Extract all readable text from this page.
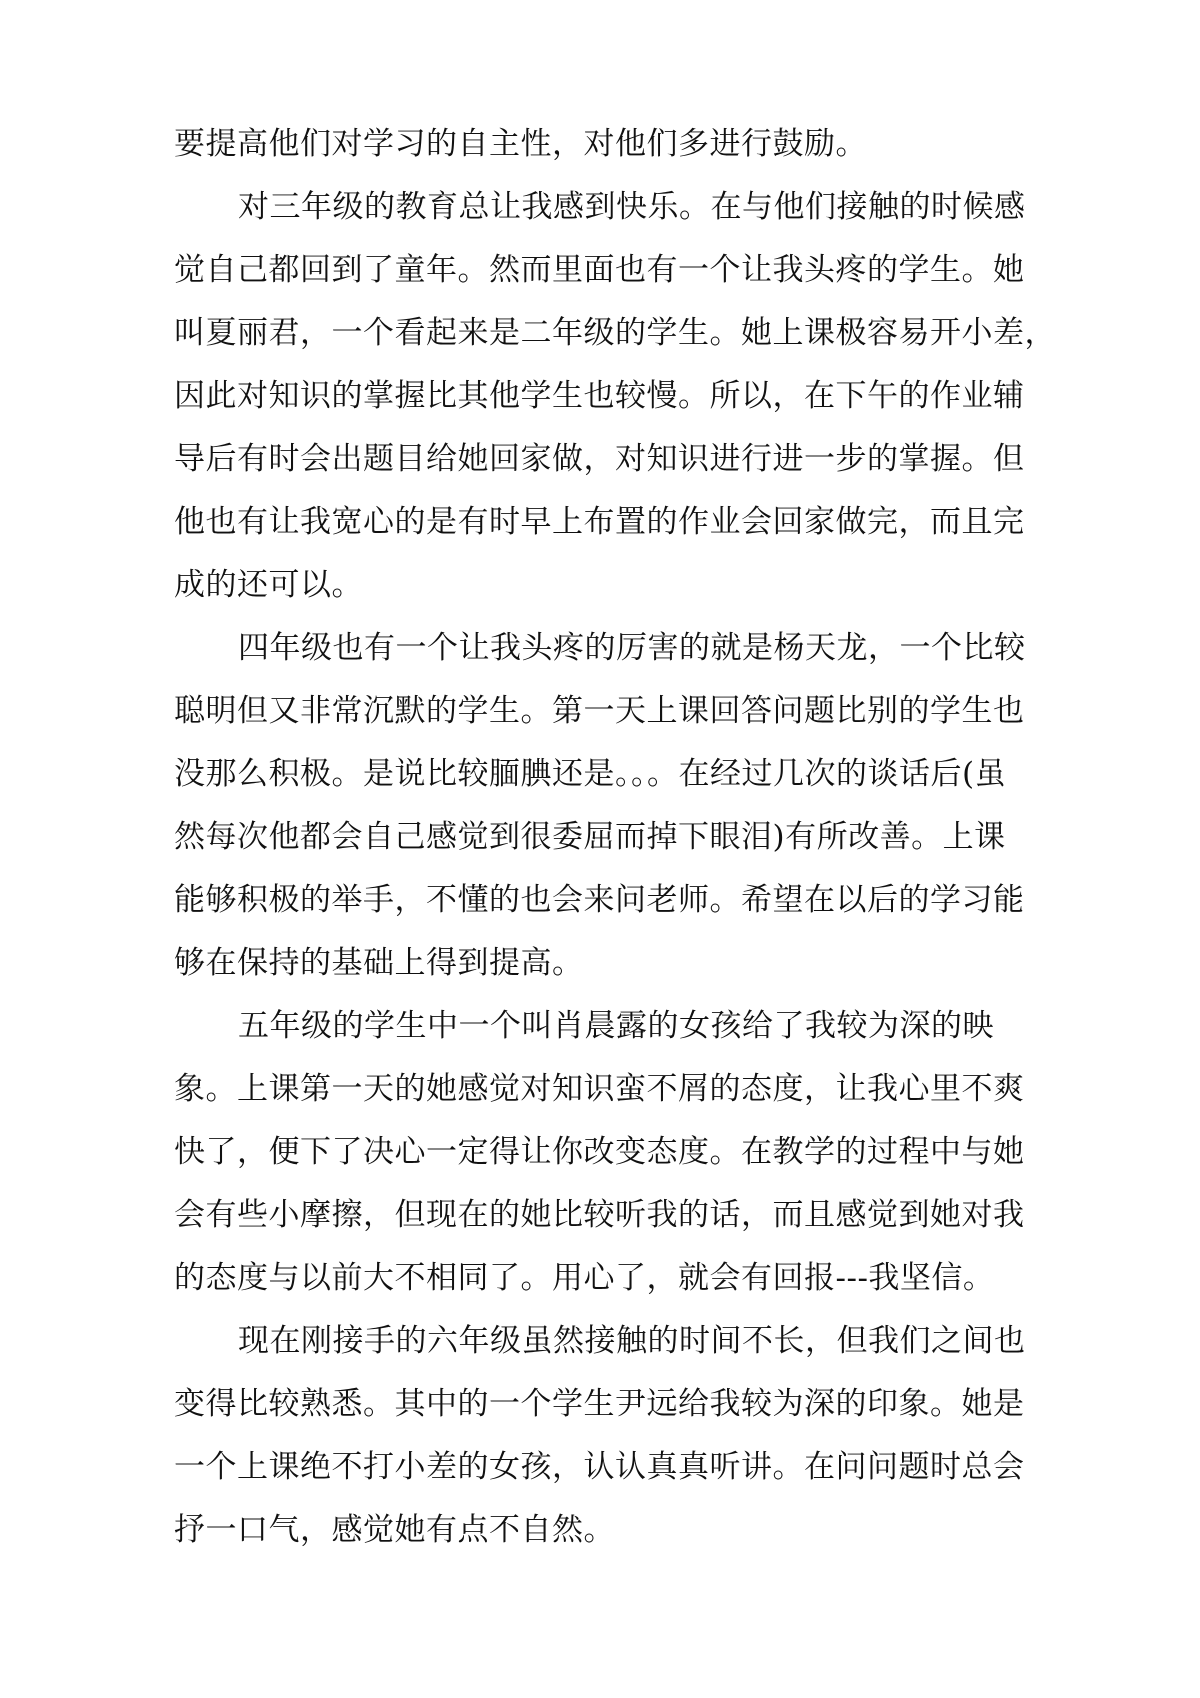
要提高他们对学习的自主性，对他们多进行鼓励。
对三年级的教育总让我感到快乐。在与他们接触的时候感
觉自己都回到了童年。然而里面也有一个让我头疼的学生。她
叫夏丽君，一个看起来是二年级的学生。她上课极容易开小差，
因此对知识的掌握比其他学生也较慢。所以，在下午的作业辅
导后有时会出题目给她回家做，对知识进行进一步的掌握。但
他也有让我宽心的是有时早上布置的作业会回家做完，而且完
成的还可以。
四年级也有一个让我头疼的厉害的就是杨天龙，一个比较
聪明但又非常沉默的学生。第一天上课回答问题比别的学生也
没那么积极。是说比较腼腆还是。。。在经过几次的谈话后(虽
然每次他都会自己感觉到很委屈而掉下眼泪)有所改善。上课
能够积极的举手，不懂的也会来问老师。希望在以后的学习能
够在保持的基础上得到提高。
五年级的学生中一个叫肖晨露的女孩给了我较为深的映
象。上课第一天的她感觉对知识蛮不屑的态度，让我心里不爽
快了，便下了决心一定得让你改变态度。在教学的过程中与她
会有些小摩擦，但现在的她比较听我的话，而且感觉到她对我
的态度与以前大不相同了。用心了，就会有回报---我坚信。
现在刚接手的六年级虽然接触的时间不长，但我们之间也
变得比较熟悉。其中的一个学生尹远给我较为深的印象。她是
一个上课绝不打小差的女孩，认认真真听讲。在问问题时总会
抒一口气，感觉她有点不自然。
